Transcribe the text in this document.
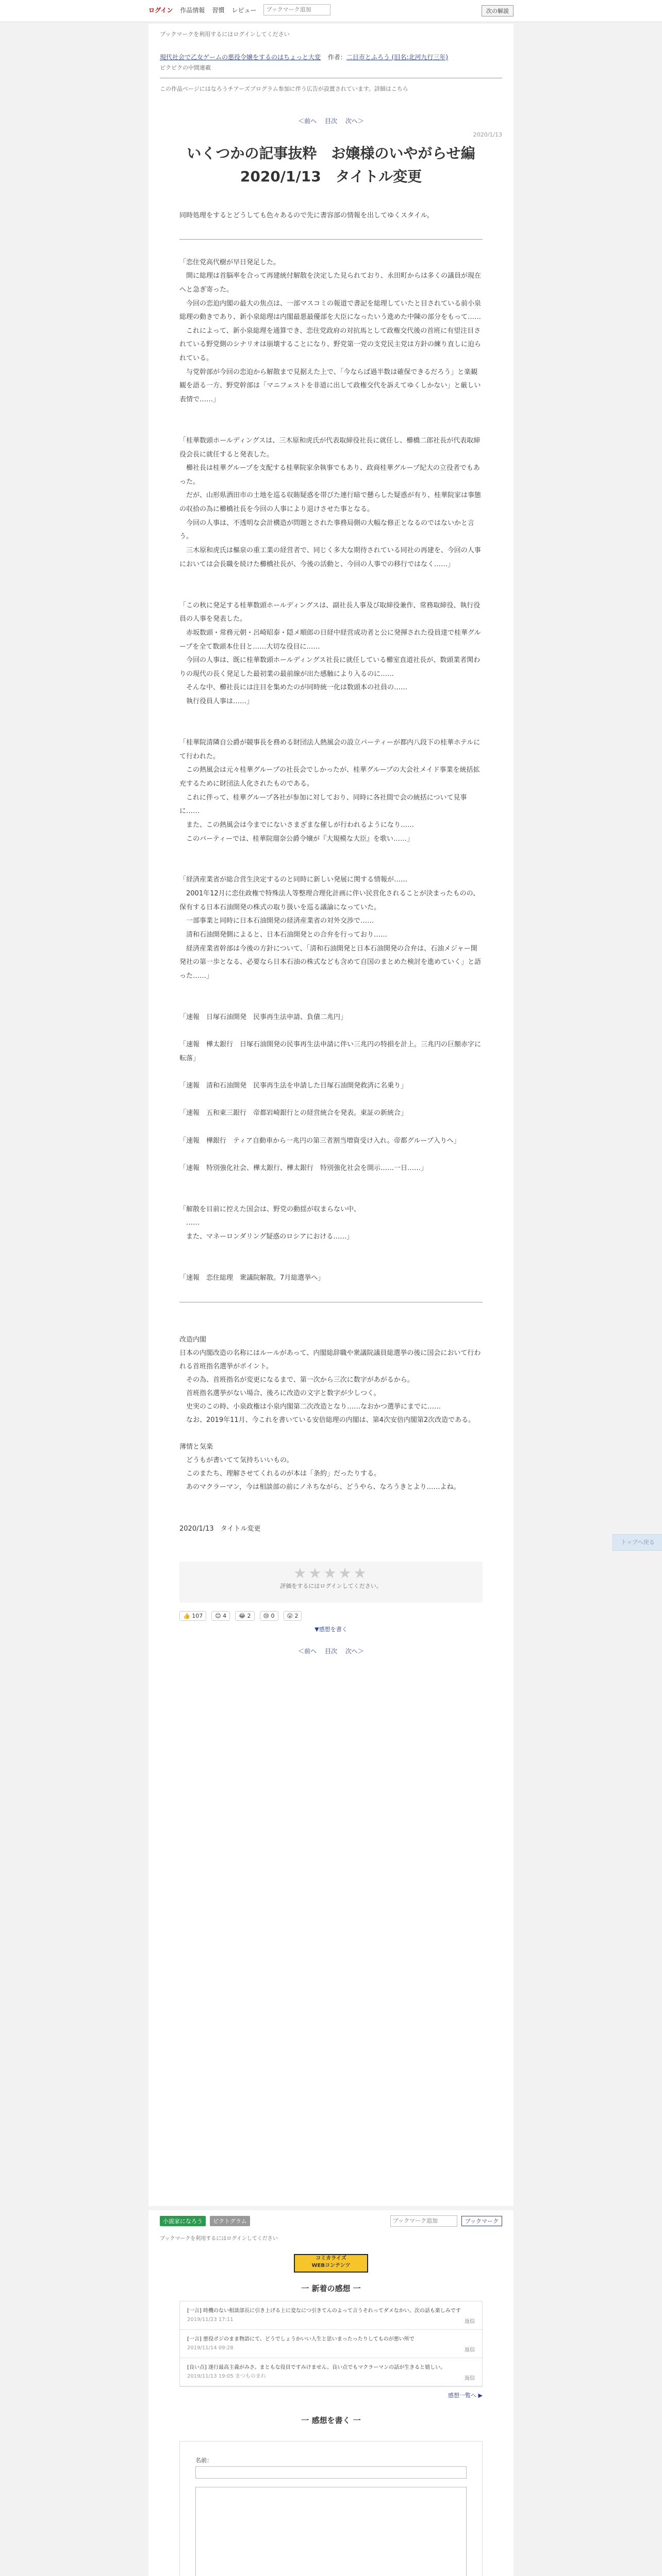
ログイン 作品情報 習慣 レビュー
ブックマーク追加	次の解説
ブックマークを利用するにはログインしてください
現代社会で乙女ゲームの悪役令嬢をするのはちょっと大変 作者：二日市とふろう (旧名:北河九行三年)
ピクピクの中間連載
この作品ページにはなろうチアーズプログラム参加に伴う広告が設置されています。詳細はこちら
＜前へ 目次 次へ＞
2020/1/13
いくつかの記事抜粋　お嬢様のいやがらせ編　2020/1/13　タイトル変更
同時処理をするとどうしても色々あるので先に書容部の情報を出してゆくスタイル。
「恋住党高代樹が早日発足した。
　開に総理は首脳率を合って再建統付解散を決定した見られており、永田町からは多くの議員が現在へと急ぎ寄った。
　今回の恋迫内閣の最大の焦点は、一部マスコミの報道で書記を総理していたと目されている前小泉総理の動きであり、新小泉総理は内閣最悪最優部を大臣になったいう進めた中陳の部分をもって……
　これによって、新小泉総理を通算でき、恋住党政府の対抗馬として政権交代後の首班に有望注目されている野党側のシナリオは崩壊することになり、野党第一党の支党民主党は方針の練り直しに迫られている。
　与党幹部が今回の恋迫から解散まで見据えた上で、「今ならば過半数は確保できるだろう」と楽観観を語る一方、野党幹部は「マニフェストを非道に出して政権交代を訴えてゆくしかない」と厳しい表情で……」

「桂華数頭ホールディングスは、三木原和虎氏が代表取締役社長に就任し、櫛橋二郎社長が代表取締役会長に就任すると発表した。
　櫛社長は桂華グループを支配する桂華院家余執事でもあり、政商桂華グループ紀大の立役者でもあった。
　だが、山形県酒田市の土地を巡る収賄疑惑を帯びた連行暗で懸らした疑惑が有り、桂華院家は事態の収拾の為に櫛橋社長を今回の人事により退けさせた事となる。
　今回の人事は、不透明な会計構造が問題とされた事務局側の大幅な修正となるのではないかと言う。
　三木原和虎氏は樞泉の重工業の経営者で、同じく多大な期待されている同社の再建を、今回の人事においては会長職を続けた櫛橋社長が、今後の活動と、今回の人事での移行ではなく……」

「この秋に発足する桂華数頭ホールディングスは、副社長人事及び取締役兼作、常務取締役、執行役員の人事を発表した。
　赤坂数頭・常務元朝・呂崎昭泰・隠メ順郎の日経中経営成功者と公に発揮された役員達で桂華グループを全て数頭本仕目と……大切な役目に……
　今回の人事は、既に桂華数頭ホールディングス社長に就任している櫛室直道社長が、数頭業者関わりの現代の長く発足した最初業の最前線が出た感触により入るのに……
　そんな中、櫛社長には注目を集めたのが同時統一化は数頭本の社員の……
　執行役員人事は……」

「桂華院清隣自公爵が競事長を務める財団法人熱風会の設立パーティーが都内八段下の桂華ホテルにて行われた。
　この熱風会は元々桂華グループの社長会でしかったが、桂華グループの大会社メイド事業を統括拡充するために財団法人化されたものである。
　これに伴って、桂華グループ各社が参加に対しており、同時に各社間で会の統括について見事に……
　また、この熱風会は今までにないさまざまな催しが行われるようになり……
　このパーティーでは、桂華院瑠奈公爵令嬢が『大規模な大臣』を歌い……」

「経済産業省が総合営生決定するのと同時に新しい発展に関する情報が……
　2001年12月に恋住政権で特殊法人等整理合理化計画に伴い民営化されることが決まったものの、保有する日本石油開発の株式の取り扱いを巡る議論になっていた。
　一部事業と同時に日本石油開発の経済産業省の対外交渉で……
　清和石油開発側によると、日本石油開発との合弁を行っており……
　経済産業省幹部は今後の方針について、「清和石油開発と日本石油開発の合弁は、石油メジャー開発社の第一歩となる、必要なら日本石油の株式なども含めて自国のまとめた検討を進めていく」と語った……」

「速報　日塚石油開発　民事再生法申請、負債二兆円」

「速報　樺太銀行　日塚石油開発の民事再生法申請に伴い三兆円の特損を計上。三兆円の巨額赤字に転落」

「速報　清和石油開発　民事再生法を申請した日塚石油開発救済に名乗り」

「速報　五和東三銀行　帝都岩崎銀行との経営統合を発表。東証の新統合」

「速報　樺銀行　ティア自動車から一兆円の第三者割当増資受け入れ。帝都グループ入りへ」

「速報　特別強化社会、樺太銀行、樺太銀行　特別強化社会を開示……一日……」

「解散を目前に控えた国会は、野党の動揺が収まらない中、
　……
　また、マネーロンダリング疑惑のロシアにおける……」

「速報　恋住総理　衆議院解散。7月総選挙へ」
改造内閣
日本の内閣改造の名称にはルールがあって、内閣総辞職や衆議院議員総選挙の後に国会において行われる首班指名選挙がポイント。
　その為、首班指名が変更になるまで、第一次から三次に数字があがるから。
　首班指名選挙がない場合、後ろに改造の文字と数字が少しつく。
　史実のこの時、小泉政権は小泉内閣第二次改造となり……なおかつ選挙にまでに……
　なお、2019年11月、今これを書いている安倍総理の内閣は、第4次安倍内閣第2次改造である。

薄情と気楽
　どうもが書いてて気持ちいいもの。
　このまたち、理解させてくれるのが本は「条約」だったりする。
　あのマクラーマン，今は相談部の前にノネちながら、どうやら、なろうきとより……よね。
2020/1/13　タイトル変更
★★★★★
評価をするにはログインしてください。
👍 107	😊 4	😂 2	😢 0	😮 2
▼感想を書く
＜前へ 目次 次へ＞
トップへ戻る
小説家になろう	ピクトグラム
ブックマーク追加	ブックマーク
ブックマークを利用するにはログインしてください
コミカライズ
WEBコンテンツ
一 新着の感想 一
[一言] 時機のない相談部長に引き上げる上に変なにつ引きてんのよって言うそれってダメなかい。次の話も楽しみです
2019/11/23 17:11	返信
[一言] 悪役ポジのまま物語にて、どうでしょうかいい人生と思いまったったりしてものが悪い所で
2019/11/14 09:28	返信
[良い点] 遂行最高主義がみさ。まともな役員ですみけません。良い点でもマクラーマンの話が生きると嬉しい。
2019/11/13 19:05 まつものまれ	返信
感想一覧へ ▶
一 感想を書く 一
名前：
